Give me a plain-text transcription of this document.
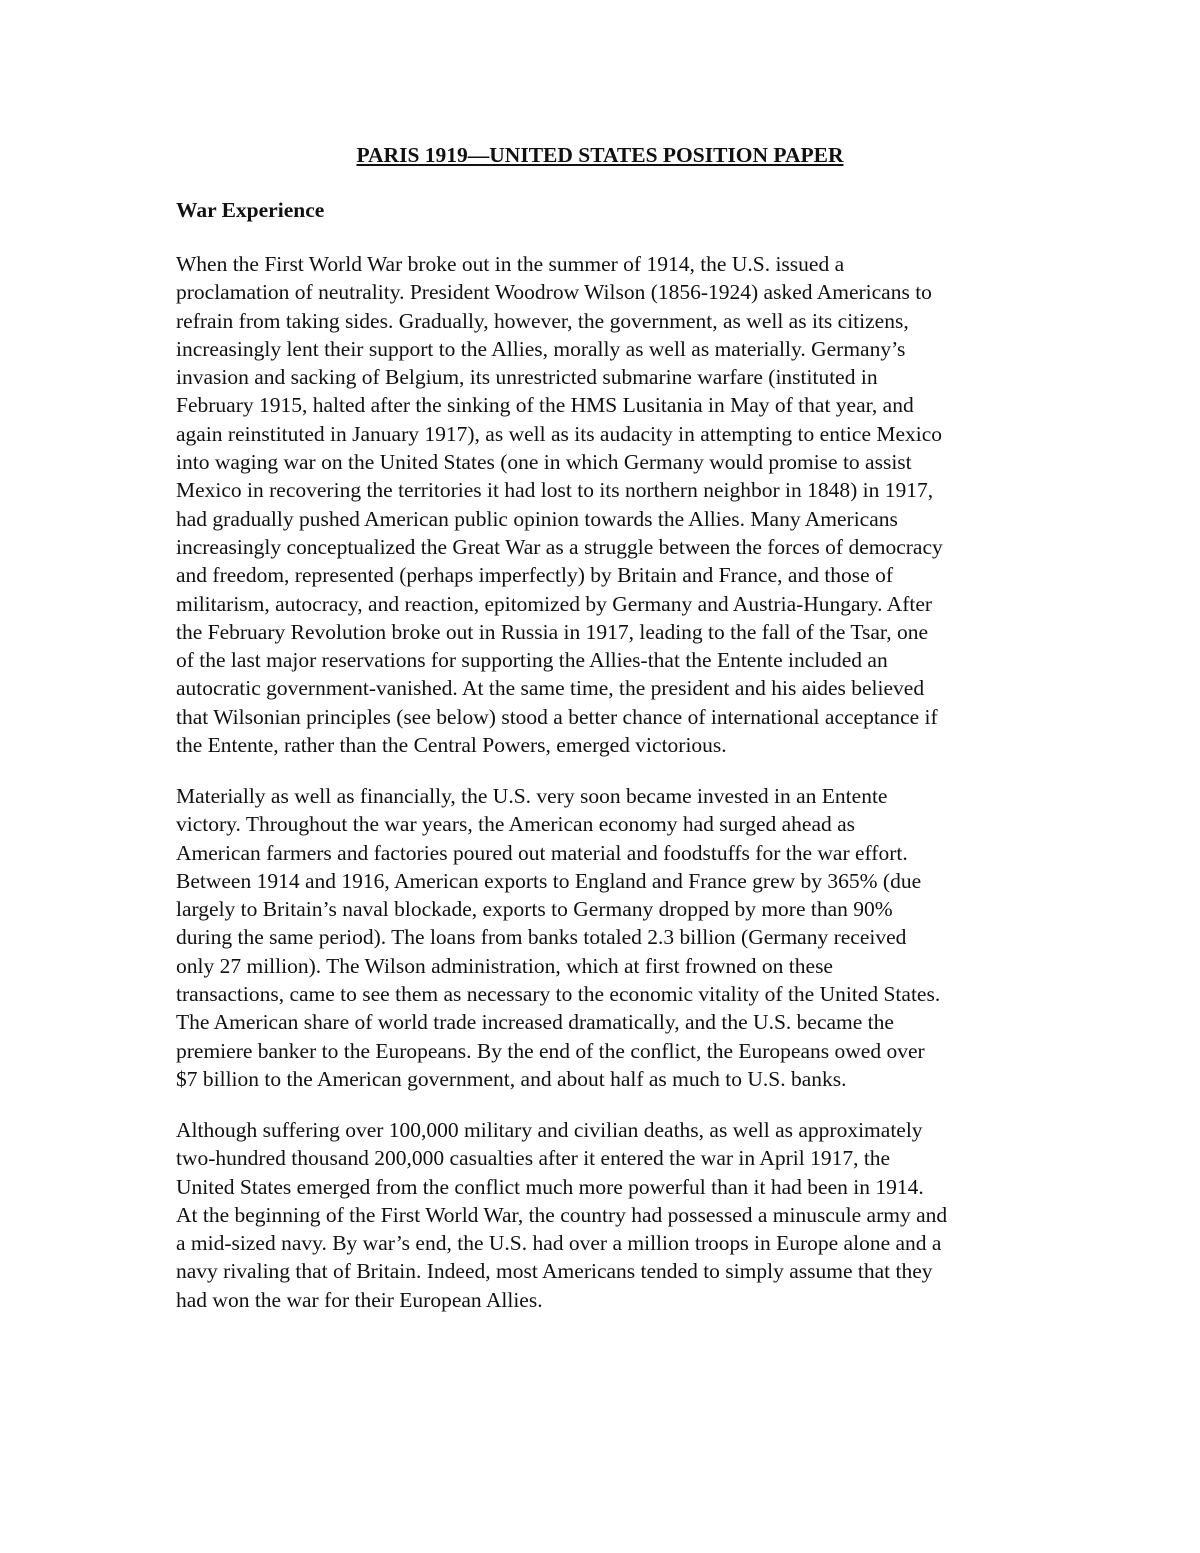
PARIS 1919—UNITED STATES POSITION PAPER
War Experience

When the First World War broke out in the summer of 1914, the U.S. issued a
proclamation of neutrality. President Woodrow Wilson (1856-1924) asked Americans to
refrain from taking sides. Gradually, however, the government, as well as its citizens,
increasingly lent their support to the Allies, morally as well as materially. Germany’s
invasion and sacking of Belgium, its unrestricted submarine warfare (instituted in
February 1915, halted after the sinking of the HMS Lusitania in May of that year, and
again reinstituted in January 1917), as well as its audacity in attempting to entice Mexico
into waging war on the United States (one in which Germany would promise to assist
Mexico in recovering the territories it had lost to its northern neighbor in 1848) in 1917,
had gradually pushed American public opinion towards the Allies. Many Americans
increasingly conceptualized the Great War as a struggle between the forces of democracy
and freedom, represented (perhaps imperfectly) by Britain and France, and those of
militarism, autocracy, and reaction, epitomized by Germany and Austria-Hungary. After
the February Revolution broke out in Russia in 1917, leading to the fall of the Tsar, one
of the last major reservations for supporting the Allies-that the Entente included an
autocratic government-vanished. At the same time, the president and his aides believed
that Wilsonian principles (see below) stood a better chance of international acceptance if
the Entente, rather than the Central Powers, emerged victorious.

Materially as well as financially, the U.S. very soon became invested in an Entente
victory. Throughout the war years, the American economy had surged ahead as
American farmers and factories poured out material and foodstuffs for the war effort.
Between 1914 and 1916, American exports to England and France grew by 365% (due
largely to Britain’s naval blockade, exports to Germany dropped by more than 90%
during the same period). The loans from banks totaled 2.3 billion (Germany received
only 27 million). The Wilson administration, which at first frowned on these
transactions, came to see them as necessary to the economic vitality of the United States.
The American share of world trade increased dramatically, and the U.S. became the
premiere banker to the Europeans. By the end of the conflict, the Europeans owed over
$7 billion to the American government, and about half as much to U.S. banks.

Although suffering over 100,000 military and civilian deaths, as well as approximately
two-hundred thousand 200,000 casualties after it entered the war in April 1917, the
United States emerged from the conflict much more powerful than it had been in 1914.
At the beginning of the First World War, the country had possessed a minuscule army and
a mid-sized navy. By war’s end, the U.S. had over a million troops in Europe alone and a
navy rivaling that of Britain. Indeed, most Americans tended to simply assume that they
had won the war for their European Allies.
